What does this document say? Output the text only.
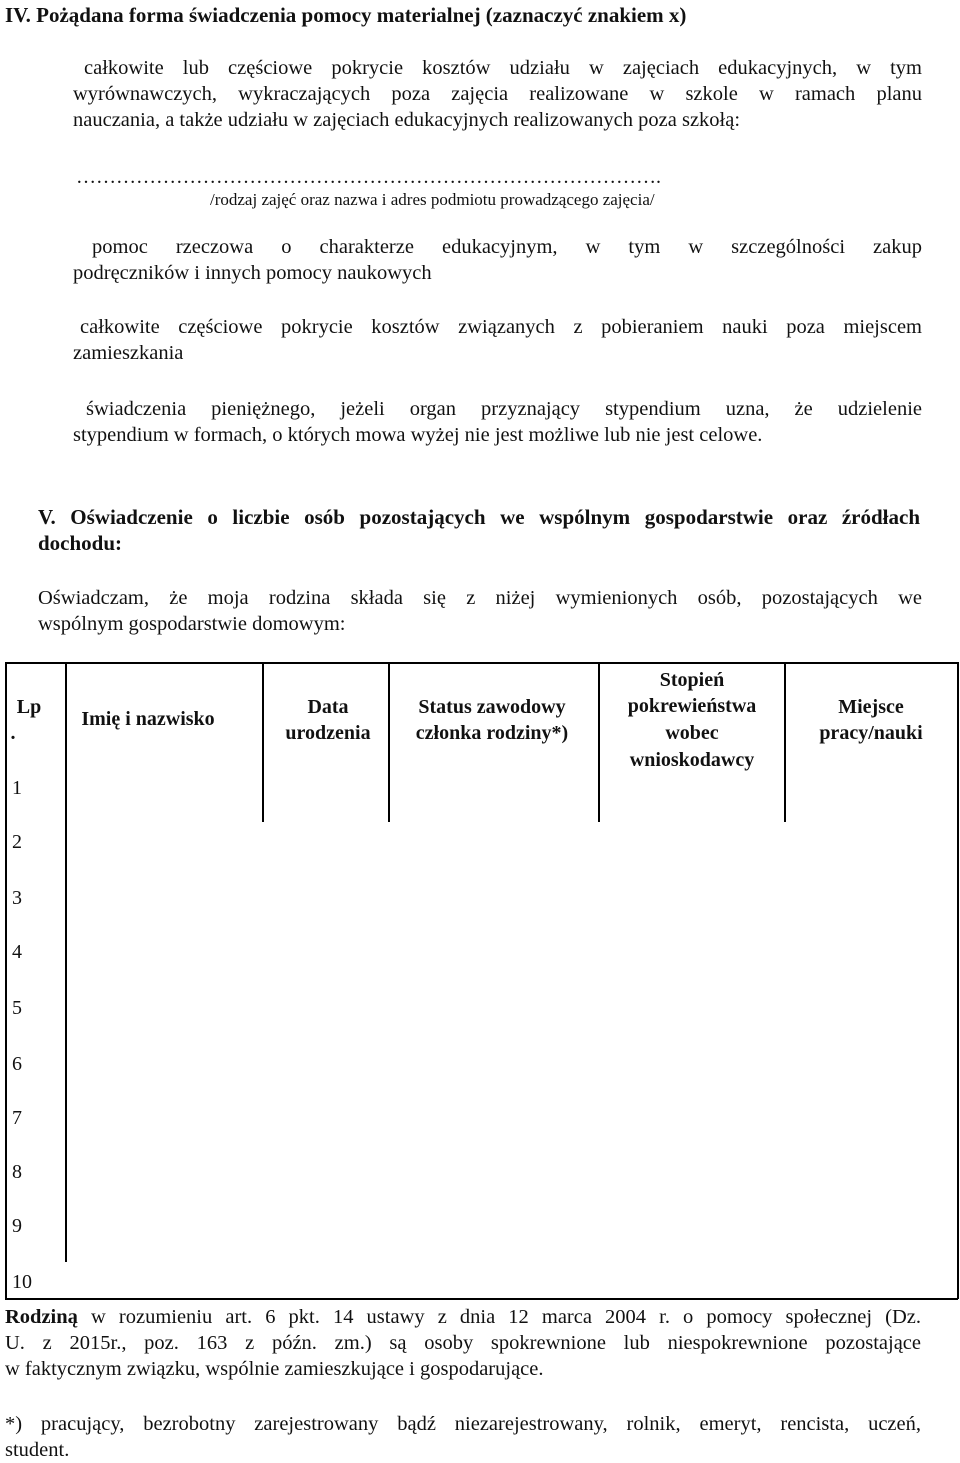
IV. Pożądana forma świadczenia pomocy materialnej (zaznaczyć znakiem x)
całkowite lub częściowe pokrycie kosztów udziału w zajęciach edukacyjnych, w tym
wyrównawczych, wykraczających poza zajęcia realizowane w szkole w ramach planu
nauczania, a także udziału w zajęciach edukacyjnych realizowanych poza szkołą:
…………………………………………………………………………….
/rodzaj zajęć oraz nazwa i adres podmiotu prowadzącego zajęcia/
pomoc rzeczowa o charakterze edukacyjnym, w tym w szczególności zakup
podręczników i innych pomocy naukowych
całkowite częściowe pokrycie kosztów związanych z pobieraniem nauki poza miejscem
zamieszkania
świadczenia pieniężnego, jeżeli organ przyznający stypendium uzna, że udzielenie
stypendium w formach, o których mowa wyżej nie jest możliwe lub nie jest celowe.
V. Oświadczenie o liczbie osób pozostających we wspólnym gospodarstwie oraz źródłach
dochodu:
Oświadczam, że moja rodzina składa się z niżej wymienionych osób, pozostających we
wspólnym gospodarstwie domowym:
Lp
.
Imię i nazwisko
Data
urodzenia
Status zawodowy
członka rodziny*)
Stopień
pokrewieństwa
wobec
wnioskodawcy
Miejsce
pracy/nauki
1
2
3
4
5
6
7
8
9
10
Rodziną w rozumieniu art. 6 pkt. 14 ustawy z dnia 12 marca 2004 r. o pomocy społecznej (Dz.
U. z 2015r., poz. 163 z późn. zm.) są osoby spokrewnione lub niespokrewnione pozostające
w faktycznym związku, wspólnie zamieszkujące i gospodarujące.
*) pracujący, bezrobotny zarejestrowany bądź niezarejestrowany, rolnik, emeryt, rencista, uczeń,
student.
